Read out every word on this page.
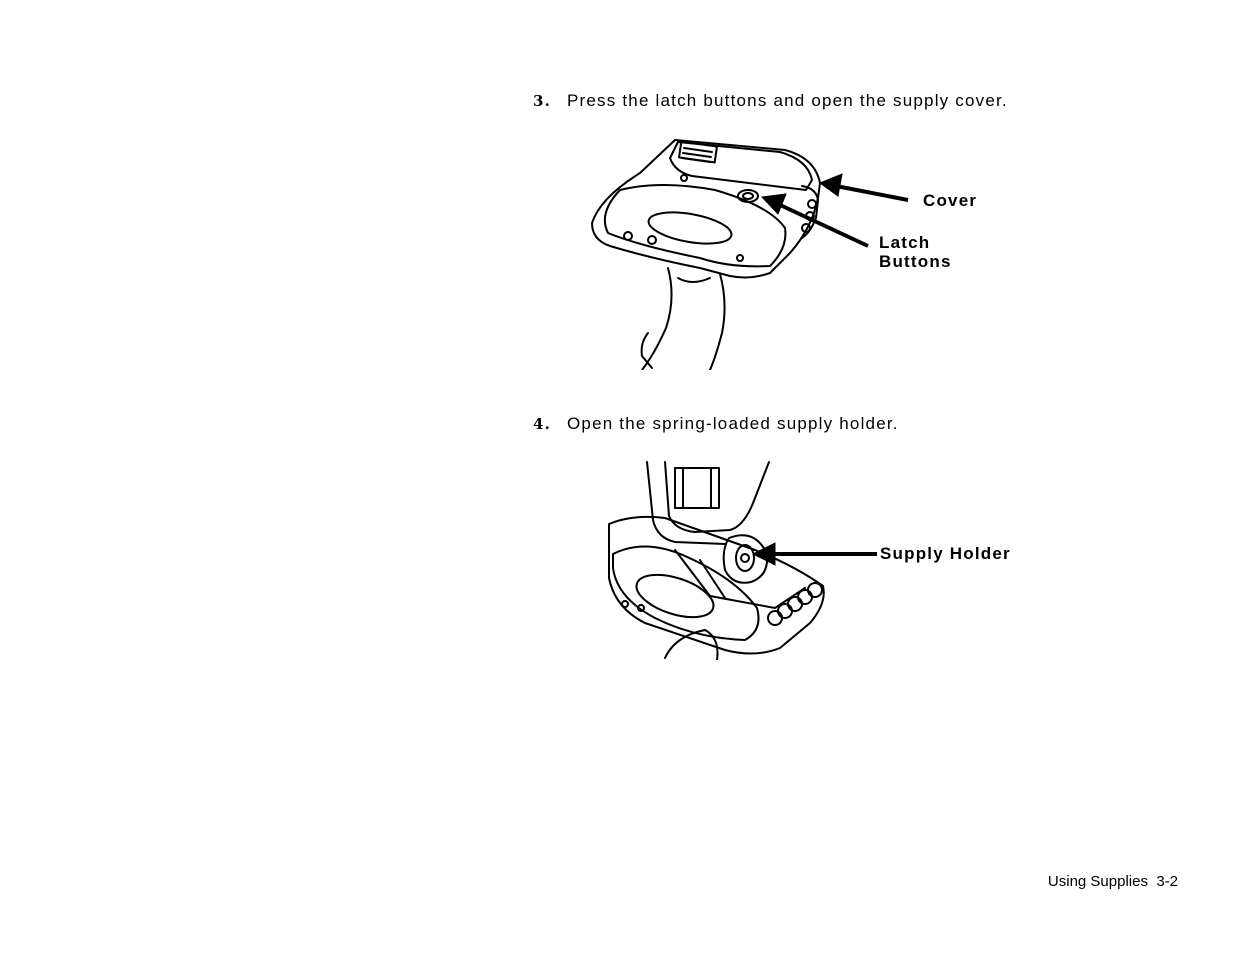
3. Press the latch buttons and open the supply cover.
Cover
Latch
Buttons
4. Open the spring-loaded supply holder.
Supply Holder
Using Supplies 3-2
